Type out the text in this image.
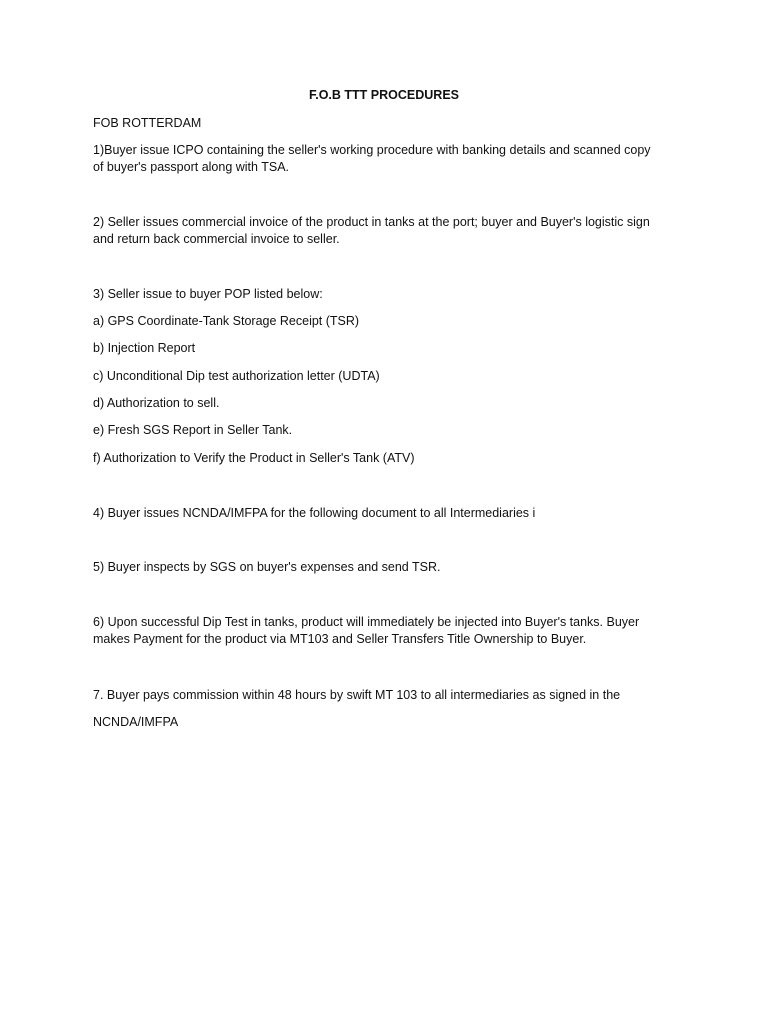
F.O.B TTT PROCEDURES
FOB ROTTERDAM
1)Buyer issue ICPO containing the seller's working procedure with banking details and scanned copy
of buyer's passport along with TSA.
2) Seller issues commercial invoice of the product in tanks at the port; buyer and Buyer's logistic sign
and return back commercial invoice to seller.
3) Seller issue to buyer POP listed below:
a) GPS Coordinate-Tank Storage Receipt (TSR)
b) Injection Report
c) Unconditional Dip test authorization letter (UDTA)
d) Authorization to sell.
e) Fresh SGS Report in Seller Tank.
f) Authorization to Verify the Product in Seller's Tank (ATV)
4) Buyer issues NCNDA/IMFPA for the following document to all Intermediaries i
5) Buyer inspects by SGS on buyer's expenses and send TSR.
6) Upon successful Dip Test in tanks, product will immediately be injected into Buyer's tanks. Buyer
makes Payment for the product via MT103 and Seller Transfers Title Ownership to Buyer.
7. Buyer pays commission within 48 hours by swift MT 103 to all intermediaries as signed in the
NCNDA/IMFPA
